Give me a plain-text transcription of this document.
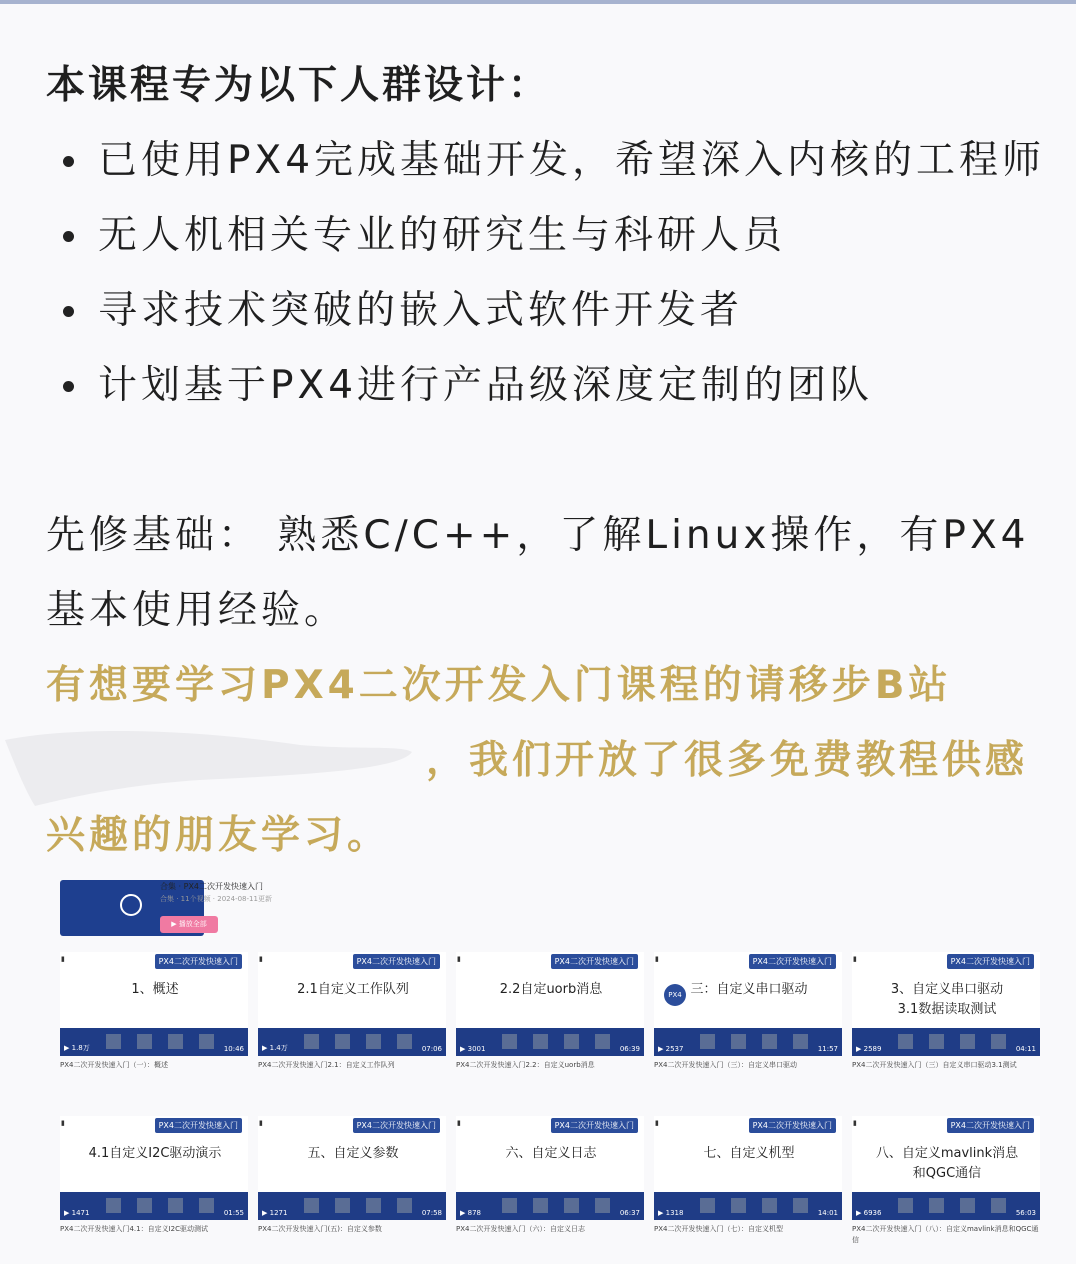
本课程专为以下人群设计：
已使用PX4完成基础开发，希望深入内核的工程师
无人机相关专业的研究生与科研人员
寻求技术突破的嵌入式软件开发者
计划基于PX4进行产品级深度定制的团队
先修基础： 熟悉C/C++，了解Linux操作，有PX4基本使用经验。
有想要学习PX4二次开发入门课程的请移步B站
，我们开放了很多免费教程供感
兴趣的朋友学习。
合集 · PX4二次开发快速入门
合集 · 11个视频 · 2024-08-11更新
▶ 播放全部
▮	PX4二次开发快速入门
1、概述
▶ 1.8万	10:46
PX4二次开发快速入门（一）：概述
▮	PX4二次开发快速入门
2.1自定义工作队列
▶ 1.4万	07:06
PX4二次开发快速入门2.1：自定义工作队列
▮	PX4二次开发快速入门
2.2自定uorb消息
▶ 3001	06:39
PX4二次开发快速入门2.2：自定义uorb消息
▮	PX4二次开发快速入门
PX4 三：自定义串口驱动
▶ 2537	11:57
PX4二次开发快速入门（三）：自定义串口驱动
▮	PX4二次开发快速入门
3、自定义串口驱动
3.1数据读取测试
▶ 2589	04:11
PX4二次开发快速入门（三）自定义串口驱动3.1测试
▮	PX4二次开发快速入门
4.1自定义I2C驱动演示
▶ 1471	01:55
PX4二次开发快速入门4.1：自定义I2C驱动测试
▮	PX4二次开发快速入门
五、自定义参数
▶ 1271	07:58
PX4二次开发快速入门(五)：自定义参数
▮	PX4二次开发快速入门
六、自定义日志
▶ 878	06:37
PX4二次开发快速入门（六）：自定义日志
▮	PX4二次开发快速入门
七、自定义机型
▶ 1318	14:01
PX4二次开发快速入门（七）：自定义机型
▮	PX4二次开发快速入门
八、自定义mavlink消息
和QGC通信
▶ 6936	56:03
PX4二次开发快速入门（八）：自定义mavlink消息和QGC通信
